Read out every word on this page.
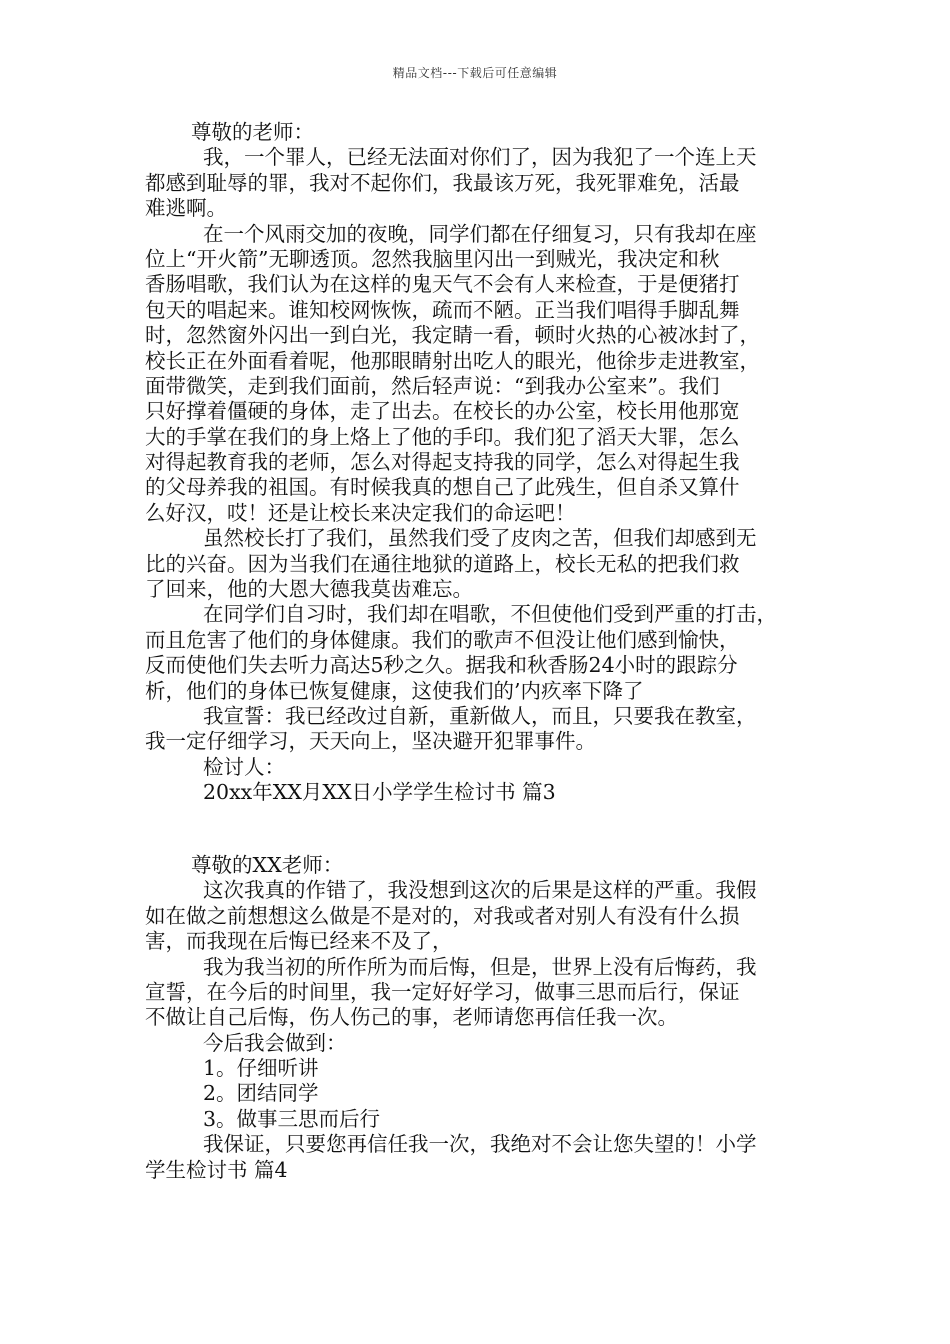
精品文档---下载后可任意编辑
尊敬的老师：
我，一个罪人，已经无法面对你们了，因为我犯了一个连上天
都感到耻辱的罪，我对不起你们，我最该万死，我死罪难免，活最
难逃啊。
在一个风雨交加的夜晚，同学们都在仔细复习，只有我却在座
位上“开火箭”无聊透顶。忽然我脑里闪出一到贼光，我决定和秋
香肠唱歌，我们认为在这样的鬼天气不会有人来检查，于是便猪打
包天的唱起来。谁知校网恢恢，疏而不陋。正当我们唱得手脚乱舞
时，忽然窗外闪出一到白光，我定睛一看，顿时火热的心被冰封了，
校长正在外面看着呢，他那眼睛射出吃人的眼光，他徐步走进教室，
面带微笑，走到我们面前，然后轻声说：“到我办公室来”。我们
只好撑着僵硬的身体，走了出去。在校长的办公室，校长用他那宽
大的手掌在我们的身上烙上了他的手印。我们犯了滔天大罪，怎么
对得起教育我的老师，怎么对得起支持我的同学，怎么对得起生我
的父母养我的祖国。有时候我真的想自己了此残生，但自杀又算什
么好汉，哎！还是让校长来决定我们的命运吧！
虽然校长打了我们，虽然我们受了皮肉之苦，但我们却感到无
比的兴奋。因为当我们在通往地狱的道路上，校长无私的把我们救
了回来，他的大恩大德我莫齿难忘。
在同学们自习时，我们却在唱歌，不但使他们受到严重的打击，
而且危害了他们的身体健康。我们的歌声不但没让他们感到愉快，
反而使他们失去听力高达5秒之久。据我和秋香肠24小时的跟踪分
析，他们的身体已恢复健康，这使我们的’内疚率下降了
我宣誓：我已经改过自新，重新做人，而且，只要我在教室，
我一定仔细学习，天天向上，坚决避开犯罪事件。
检讨人：
20xx年XX月XX日小学学生检讨书 篇3
尊敬的XX老师：
这次我真的作错了，我没想到这次的后果是这样的严重。我假
如在做之前想想这么做是不是对的，对我或者对别人有没有什么损
害，而我现在后悔已经来不及了，
我为我当初的所作所为而后悔，但是，世界上没有后悔药，我
宣誓，在今后的时间里，我一定好好学习，做事三思而后行，保证
不做让自己后悔，伤人伤己的事，老师请您再信任我一次。
今后我会做到：
1。仔细听讲
2。团结同学
3。做事三思而后行
我保证，只要您再信任我一次，我绝对不会让您失望的！小学
学生检讨书 篇4
